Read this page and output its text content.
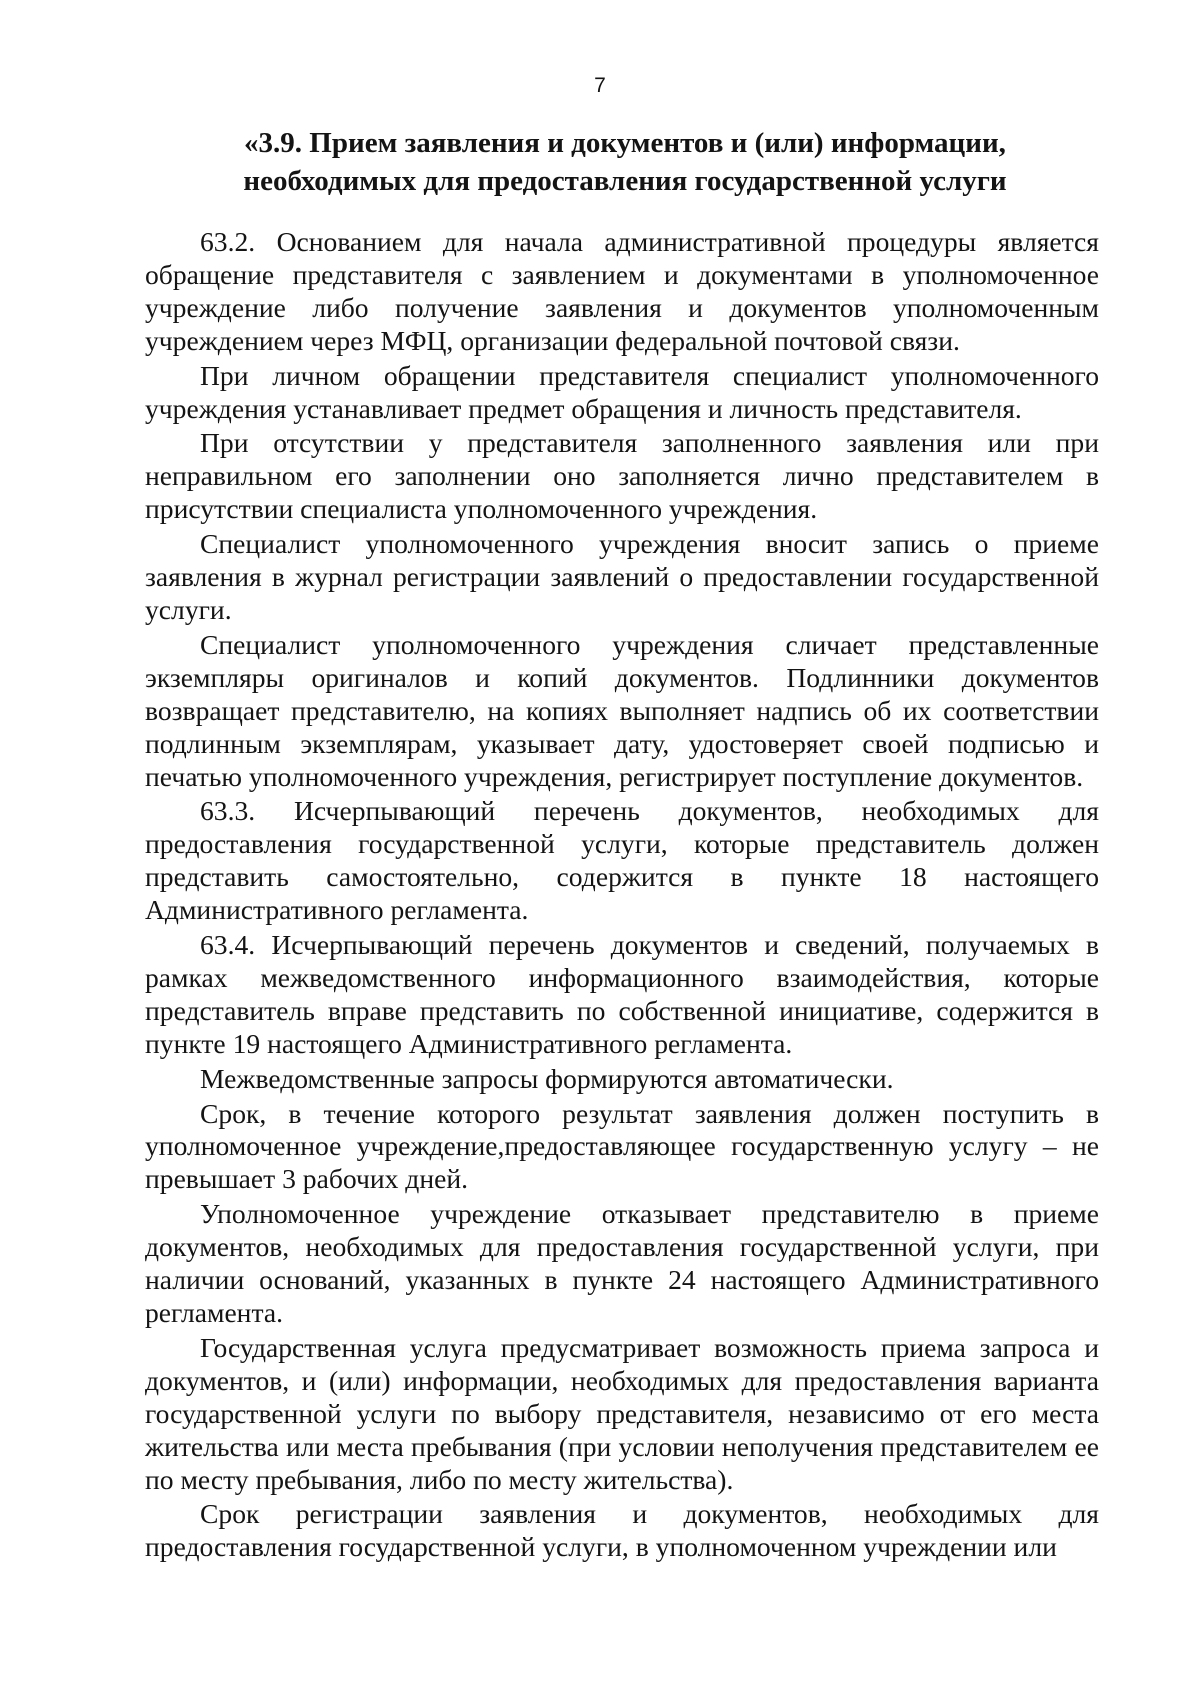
7
«3.9. Прием заявления и документов и (или) информации,
необходимых для предоставления государственной услуги

63.2. Основанием для начала административной процедуры является обращение представителя с заявлением и документами в уполномоченное учреждение либо получение заявления и документов уполномоченным учреждением через МФЦ, организации федеральной почтовой связи.

При личном обращении представителя специалист уполномоченного учреждения устанавливает предмет обращения и личность представителя.

При отсутствии у представителя заполненного заявления или при неправильном его заполнении оно заполняется лично представителем в присутствии специалиста уполномоченного учреждения.

Специалист уполномоченного учреждения вносит запись о приеме заявления в журнал регистрации заявлений о предоставлении государственной услуги.

Специалист уполномоченного учреждения сличает представленные экземпляры оригиналов и копий документов. Подлинники документов возвращает представителю, на копиях выполняет надпись об их соответствии подлинным экземплярам, указывает дату, удостоверяет своей подписью и печатью уполномоченного учреждения, регистрирует поступление документов.

63.3. Исчерпывающий перечень документов, необходимых для предоставления государственной услуги, которые представитель должен представить самостоятельно, содержится в пункте 18 настоящего Административного регламента.

63.4. Исчерпывающий перечень документов и сведений, получаемых в рамках межведомственного информационного взаимодействия, которые представитель вправе представить по собственной инициативе, содержится в пункте 19 настоящего Административного регламента.

Межведомственные запросы формируются автоматически.

Срок, в течение которого результат заявления должен поступить в уполномоченное учреждение,предоставляющее государственную услугу – не превышает 3 рабочих дней.

Уполномоченное учреждение отказывает представителю в приеме документов, необходимых для предоставления государственной услуги, при наличии оснований, указанных в пункте 24 настоящего Административного регламента.

Государственная услуга предусматривает возможность приема запроса и документов, и (или) информации, необходимых для предоставления варианта государственной услуги по выбору представителя, независимо от его места жительства или места пребывания (при условии неполучения представителем ее по месту пребывания, либо по месту жительства).

Срок регистрации заявления и документов, необходимых для предоставления государственной услуги, в уполномоченном учреждении или
